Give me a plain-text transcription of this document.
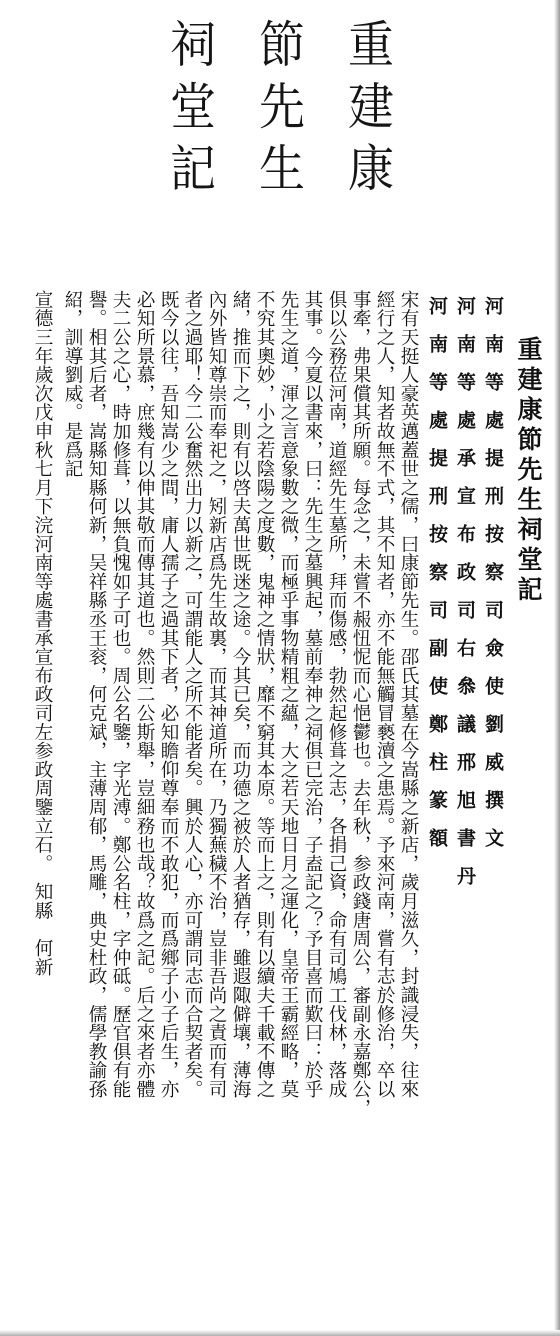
重
建
康
節
先
生
祠
堂
記
重建康節先生祠堂記
河　南　等　處　提　刑　按　察　司　僉　使　劉　威　撰　文
河　南　等　處　承　宣　布　政　司　右　叅　議　邢　旭　書　丹
河　南　等　處　提　刑　按　察　司　副　使　鄭　柱　篆　額
宋有天挺人豪英邁蓋世之儒，曰康節先生。邵氏其墓在今嵩縣之新店，歲月滋久，封識浸失，往來
經行之人，知者故無不式，其不知者，亦不能無觸冒褻瀆之患焉。予來河南，嘗有志於修治，卒以
事牽，弗果償其所願。每念之，未嘗不赧忸怩而心悒鬱也。去年秋，参政錢唐周公，審副永嘉鄭公，
俱以公務莅河南，道經先生墓所，拜而傷感，勃然起修葺之志，各捐己資，命有司鳩工伐林，落成
其事。今夏以書來，曰：先生之墓興起，墓前奉神之祠俱已完治，子盍記之？予目喜而歎曰：於乎
先生之道，渾之言意象數之微，而極乎事物精粗之蘊，大之若天地日月之運化，皇帝王霸經略，莫
不究其奧妙，小之若陰陽之度數，鬼神之情狀，靡不窮其本原。等而上之，則有以續夫千載不傳之
緒，推而下之，則有以啓夫萬世既迷之途。今其已矣，而功德之被於人者猶存，雖遐陬僻壤，薄海
內外皆知尊崇而奉祀之，矧新店爲先生故裏，而其神道所在，乃獨蕪穢不治，豈非吾尚之責而有司
者之過耶！今二公奮然出力以新之，可謂能人之所不能者矣。興於人心，亦可謂同志而合契者矣。
既今以往，吾知嵩少之間，庸人孺子之過其下者，必知瞻仰尊奉而不敢犯，而爲鄉子小子后生，亦
必知所景慕，庶幾有以伸其敬而傳其道也。然則二公斯舉，豈細務也哉？故爲之記。后之來者亦體
夫二公之心，時加修葺，以無負愧如子可也。周公名鑒，字光溥。鄭公名柱，字仲砥。歷官俱有能
譽。相其后者，嵩縣知縣何新，吴祥縣丞王衮，何克斌，主薄周郁，馬雕，典史杜政，儒學教諭孫
紹，訓導劉威。是爲記
宣德三年歲次戊申秋七月下浣河南等處書承宣布政司左参政周鑒立石。　知縣　何新
